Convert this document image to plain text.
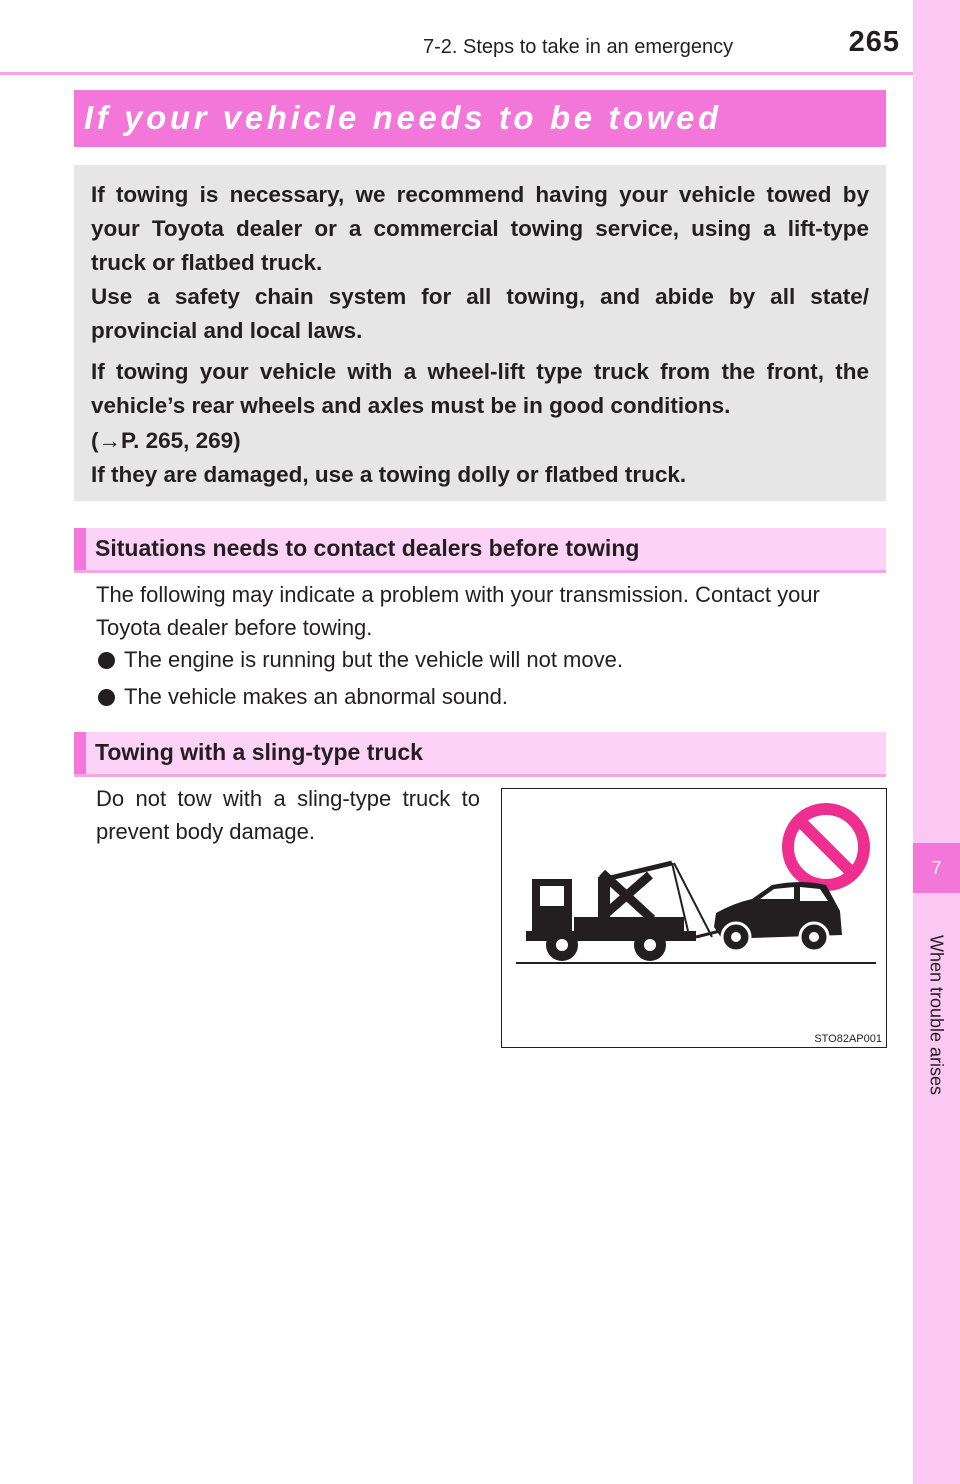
7
When trouble arises
7-2. Steps to take in an emergency	265
If your vehicle needs to be towed

If towing is necessary, we recommend having your vehicle towed by your Toyota dealer or a commercial towing service, using a lift-type truck or flatbed truck.

Use a safety chain system for all towing, and abide by all state/ provincial and local laws.

If towing your vehicle with a wheel-lift type truck from the front, the vehicle’s rear wheels and axles must be in good conditions.

(→P. 265, 269)

If they are damaged, use a towing dolly or flatbed truck.

Situations needs to contact dealers before towing

The following may indicate a problem with your transmission. Contact your Toyota dealer before towing.

The engine is running but the vehicle will not move.
The vehicle makes an abnormal sound.
Towing with a sling-type truck

Do not tow with a sling-type truck to prevent body damage.

STO82AP001
